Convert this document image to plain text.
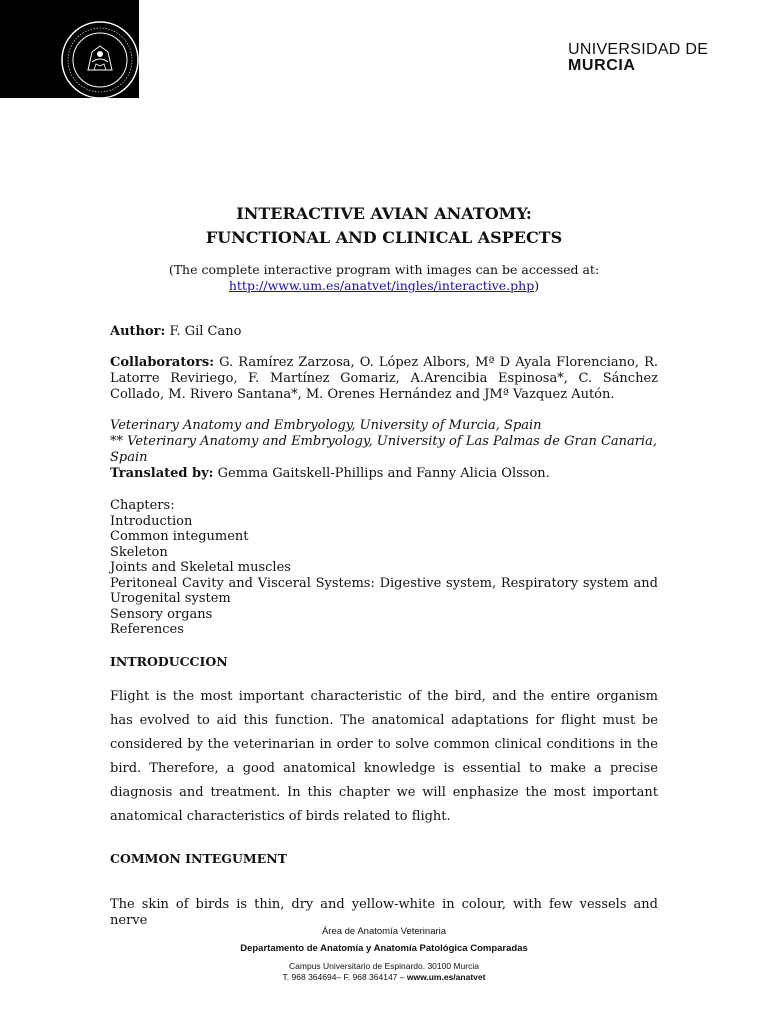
UNIVERSIDAD DE
MURCIA
INTERACTIVE AVIAN ANATOMY:
FUNCTIONAL AND CLINICAL ASPECTS
(The complete interactive program with images can be accessed at:
http://www.um.es/anatvet/ingles/interactive.php)
Author: F. Gil Cano
Collaborators: G. Ramírez Zarzosa, O. López Albors, Mª D Ayala Florenciano, R. Latorre Reviriego, F. Martínez Gomariz, A.Arencibia Espinosa*, C. Sánchez Collado, M. Rivero Santana*, M. Orenes Hernández and JMª Vazquez Autón.
Veterinary Anatomy and Embryology, University of Murcia, Spain
** Veterinary Anatomy and Embryology, University of Las Palmas de Gran Canaria, Spain
Translated by: Gemma Gaitskell-Phillips and Fanny Alicia Olsson.
Chapters:
Introduction
Common integument
Skeleton
Joints and Skeletal muscles
Peritoneal Cavity and Visceral Systems: Digestive system, Respiratory system and Urogenital system
Sensory organs
References
INTRODUCCION
Flight is the most important characteristic of the bird, and the entire organism has evolved to aid this function. The anatomical adaptations for flight must be considered by the veterinarian in order to solve common clinical conditions in the bird. Therefore, a good anatomical knowledge is essential to make a precise diagnosis and treatment. In this chapter we will enphasize the most important anatomical characteristics of birds related to flight.
COMMON INTEGUMENT
The skin of birds is thin, dry and yellow-white in colour, with few vessels and nerve
Área de Anatomía Veterinaria
Departamento de Anatomía y Anatomía Patológica Comparadas
Campus Universitario de Espinardo. 30100 Murcia
T. 968 364694– F. 968 364147 – www.um.es/anatvet
